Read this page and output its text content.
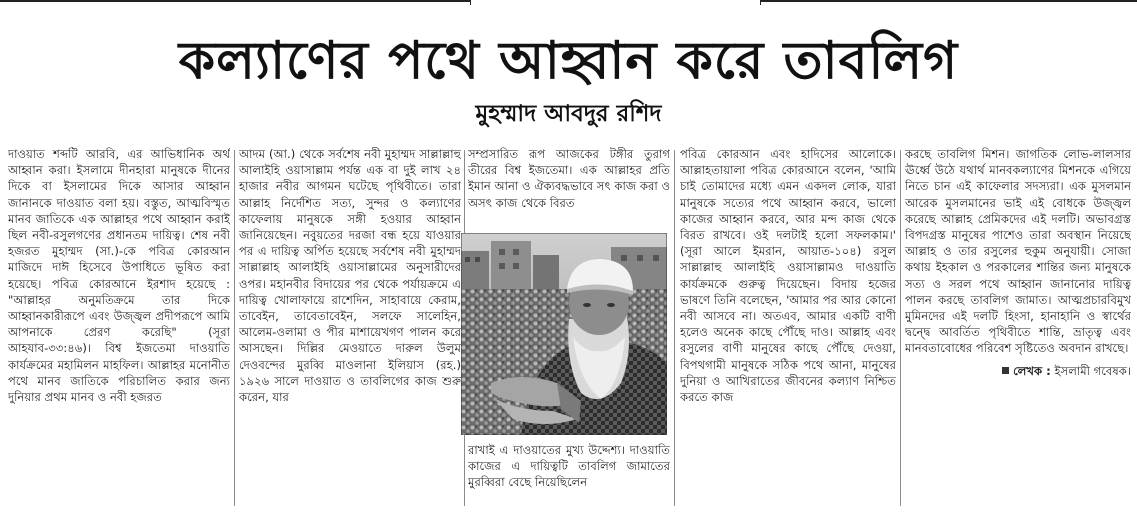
কল্যাণের পথে আহ্বান করে তাবলিগ
মুহম্মাদ আবদুর রশিদ

দাওয়াত শব্দটি আরবি, এর আভিধানিক অর্থ আহ্বান করা। ইসলামে দীনহারা মানুষকে দীনের দিকে বা ইসলামের দিকে আসার আহ্বান জানানকে দাওয়াত বলা হয়। বস্তুত, আত্মবিস্মৃত মানব জাতিকে এক আল্লাহর পথে আহ্বান করাই ছিল নবী-রসুলগণের প্রধানতম দায়িত্ব। শেষ নবী হজরত মুহাম্মদ (সা.)-কে পবিত্র কোরআন মাজিদে দাঈ হিসেবে উপাধিতে ভূষিত করা হয়েছে। পবিত্র কোরআনে ইরশাদ হয়েছে : "আল্লাহর অনুমতিক্রমে তার দিকে আহ্বানকারীরূপে এবং উজ্জ্বল প্রদীপরূপে আমি আপনাকে প্রেরণ করেছি" (সূরা আহযাব-৩৩:৪৬)। বিশ্ব ইজতেমা দাওয়াতি কার্যক্রমের মহামিলন মাহফিল। আল্লাহর মনোনীত পথে মানব জাতিকে পরিচালিত করার জন্য দুনিয়ার প্রথম মানব ও নবী হজরত

আদম (আ.) থেকে সর্বশেষ নবী মুহাম্মদ সাল্লাল্লাহু আলাইহি ওয়াসাল্লাম পর্যন্ত এক বা দুই লাখ ২৪ হাজার নবীর আগমন ঘটেছে পৃথিবীতে। তারা আল্লাহ নির্দেশিত সত্য, সুন্দর ও কল্যাণের কাফেলায় মানুষকে সঙ্গী হওয়ার আহ্বান জানিয়েছেন। নবুয়তের দরজা বন্ধ হয়ে যাওয়ার পর এ দায়িত্ব অর্পিত হয়েছে সর্বশেষ নবী মুহাম্মদ সাল্লাল্লাহ আলাইহি ওয়াসাল্লামের অনুসারীদের ওপর। মহানবীর বিদায়ের পর থেকে পর্যায়ক্রমে এ দায়িত্ব খোলাফায়ে রাশেদিন, সাহাবায়ে কেরাম, তাবেইন, তাবেতাবেইন, সলফে সালেহিন, আলেম-ওলামা ও পীর মাশায়েখগণ পালন করে আসছেন। দিল্লির মেওয়াতে দারুল উলুম দেওবন্দের মুরব্বি মাওলানা ইলিয়াস (রহ.) ১৯২৬ সালে দাওয়াত ও তাবলিগের কাজ শুরু করেন, যার

সম্প্রসারিত রূপ আজকের টঙ্গীর তুরাগ তীরের বিশ্ব ইজতেমা। এক আল্লাহর প্রতি ইমান আনা ও ঐক্যবদ্ধভাবে সৎ কাজ করা ও অসৎ কাজ থেকে বিরত

রাখাই এ দাওয়াতের মুখ্য উদ্দেশ্য। দাওয়াতি কাজের এ দায়িত্বটি তাবলিগ জামাতের মুরব্বিরা বেছে নিয়েছিলেন

পবিত্র কোরআন এবং হাদিসের আলোকে। আল্লাহতায়ালা পবিত্র কোরআনে বলেন, 'আমি চাই তোমাদের মধ্যে এমন একদল লোক, যারা মানুষকে সত্যের পথে আহ্বান করবে, ভালো কাজের আহ্বান করবে, আর মন্দ কাজ থেকে বিরত রাখবে। ওই দলটাই হলো সফলকাম।' (সূরা আলে ইমরান, আয়াত-১০৪) রসুল সাল্লাল্লাহু আলাইহি ওয়াসাল্লামও দাওয়াতি কার্যক্রমকে গুরুত্ব দিয়েছেন। বিদায় হজের ভাষণে তিনি বলেছেন, 'আমার পর আর কোনো নবী আসবে না। অতএব, আমার একটি বাণী হলেও অনেক কাছে পৌঁছে দাও। আল্লাহ এবং রসুলের বাণী মানুষের কাছে পৌঁছে দেওয়া, বিপথগামী মানুষকে সঠিক পথে আনা, মানুষের দুনিয়া ও আখিরাতের জীবনের কল্যাণ নিশ্চিত করতে কাজ

করছে তাবলিগ মিশন। জাগতিক লোভ-লালসার ঊর্ধ্বে উঠে যথার্থ মানবকল্যাণের মিশনকে এগিয়ে নিতে চান এই কাফেলার সদস্যরা। এক মুসলমান আরেক মুসলমানের ভাই এই বোধকে উজ্জ্বল করেছে আল্লাহ প্রেমিকদের এই দলটি। অভাবগ্রস্ত বিপদগ্রস্ত মানুষের পাশেও তারা অবস্থান নিয়েছে আল্লাহ ও তার রসুলের হুকুম অনুযায়ী। সোজা কথায় ইহকাল ও পরকালের শান্তির জন্য মানুষকে সত্য ও সরল পথে আহ্বান জানানোর দায়িত্ব পালন করছে তাবলিগ জামাত। আত্মপ্রচারবিমুখ মুমিনদের এই দলটি হিংসা, হানাহানি ও স্বার্থের দ্বন্দ্বে আবর্তিত পৃথিবীতে শান্তি, ভ্রাতৃত্ব এবং মানবতাবোধের পরিবেশ সৃষ্টিতেও অবদান রাখছে।

লেখক : ইসলামী গবেষক।
